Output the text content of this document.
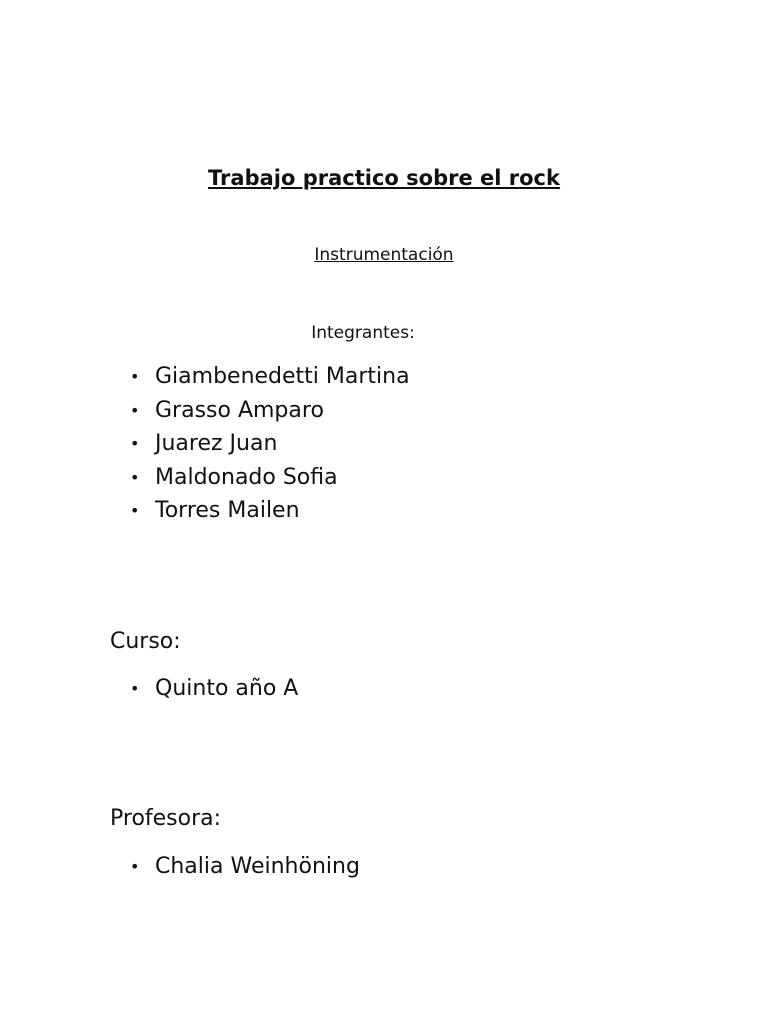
Trabajo practico sobre el rock

Instrumentación

Integrantes:

• Giambenedetti Martina
• Grasso Amparo
• Juarez Juan
• Maldonado Sofia
• Torres Mailen

Curso:

• Quinto año A

Profesora:

• Chalia Weinhöning
